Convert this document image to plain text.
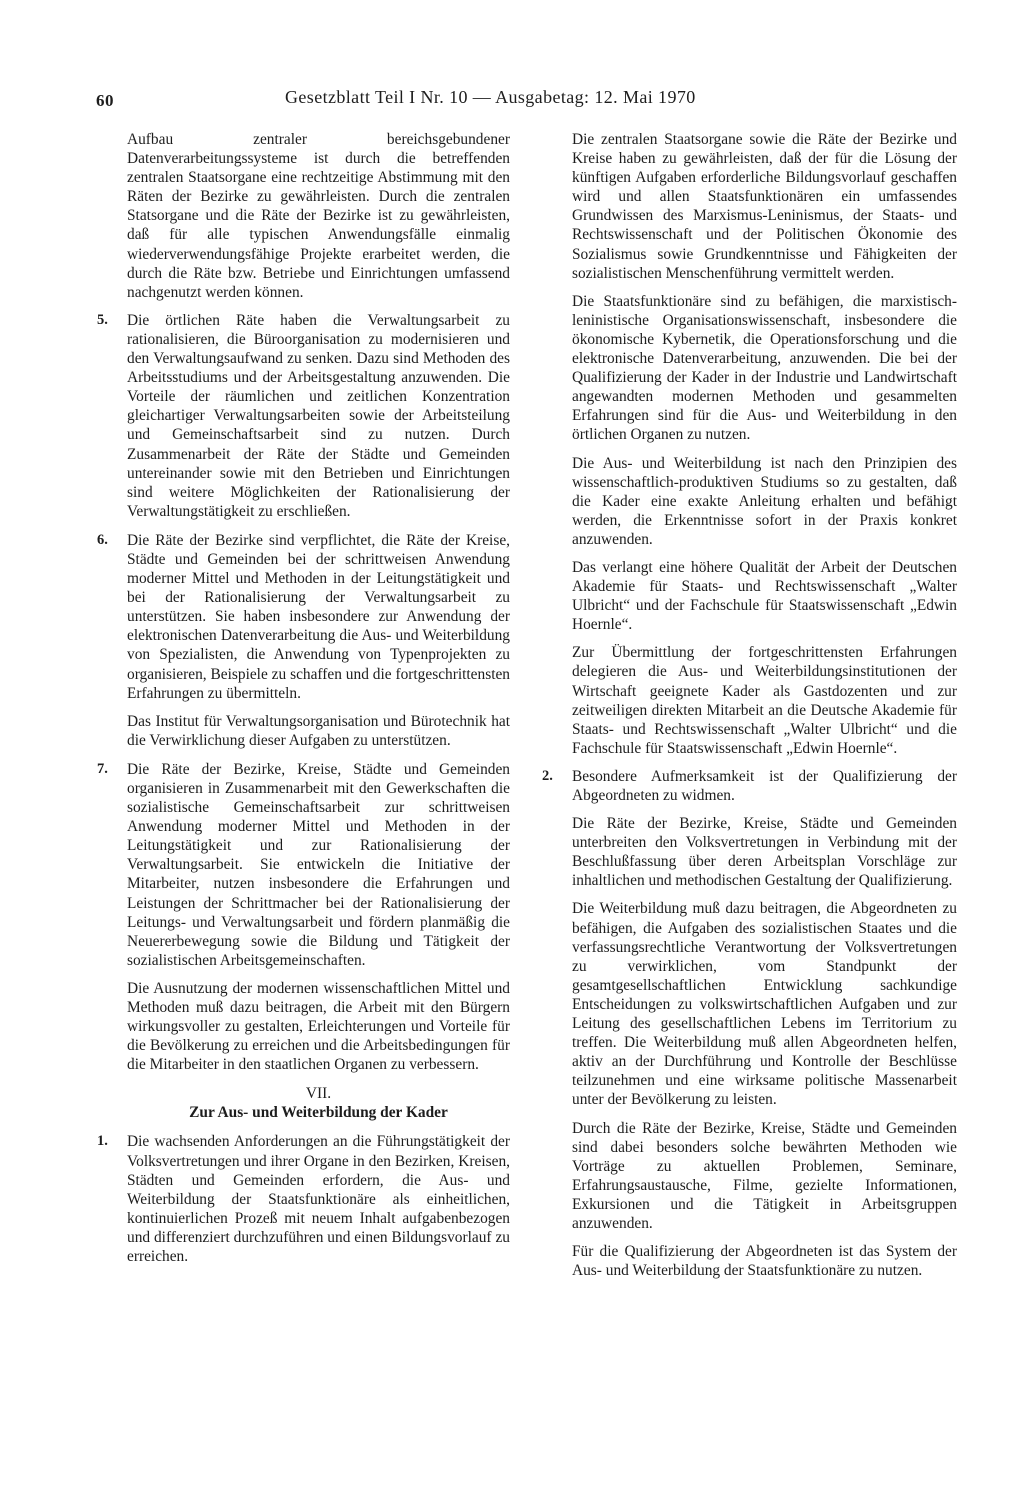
60	Gesetzblatt Teil I Nr. 10 — Ausgabetag: 12. Mai 1970

Aufbau zentraler bereichsgebundener Datenverarbeitungssysteme ist durch die betreffenden zentralen Staatsorgane eine rechtzeitige Abstimmung mit den Räten der Bezirke zu gewährleisten. Durch die zentralen Statsorgane und die Räte der Bezirke ist zu gewährleisten, daß für alle typischen Anwendungsfälle einmalig wiederverwendungsfähige Projekte erarbeitet werden, die durch die Räte bzw. Betriebe und Einrichtungen umfassend nachgenutzt werden können.

5. Die örtlichen Räte haben die Verwaltungsarbeit zu rationalisieren, die Büroorganisation zu modernisieren und den Verwaltungsaufwand zu senken. Dazu sind Methoden des Arbeitsstudiums und der Arbeitsgestaltung anzuwenden. Die Vorteile der räumlichen und zeitlichen Konzentration gleichartiger Verwaltungsarbeiten sowie der Arbeitsteilung und Gemeinschaftsarbeit sind zu nutzen. Durch Zusammenarbeit der Räte der Städte und Gemeinden untereinander sowie mit den Betrieben und Einrichtungen sind weitere Möglichkeiten der Rationalisierung der Verwaltungstätigkeit zu erschließen.

6. Die Räte der Bezirke sind verpflichtet, die Räte der Kreise, Städte und Gemeinden bei der schrittweisen Anwendung moderner Mittel und Methoden in der Leitungstätigkeit und bei der Rationalisierung der Verwaltungsarbeit zu unterstützen. Sie haben insbesondere zur Anwendung der elektronischen Datenverarbeitung die Aus- und Weiterbildung von Spezialisten, die Anwendung von Typenprojekten zu organisieren, Beispiele zu schaffen und die fortgeschrittensten Erfahrungen zu übermitteln.

Das Institut für Verwaltungsorganisation und Bürotechnik hat die Verwirklichung dieser Aufgaben zu unterstützen.

7. Die Räte der Bezirke, Kreise, Städte und Gemeinden organisieren in Zusammenarbeit mit den Gewerkschaften die sozialistische Gemeinschaftsarbeit zur schrittweisen Anwendung moderner Mittel und Methoden in der Leitungstätigkeit und zur Rationalisierung der Verwaltungsarbeit. Sie entwickeln die Initiative der Mitarbeiter, nutzen insbesondere die Erfahrungen und Leistungen der Schrittmacher bei der Rationalisierung der Leitungs- und Verwaltungsarbeit und fördern planmäßig die Neuererbewegung sowie die Bildung und Tätigkeit der sozialistischen Arbeitsgemeinschaften.

Die Ausnutzung der modernen wissenschaftlichen Mittel und Methoden muß dazu beitragen, die Arbeit mit den Bürgern wirkungsvoller zu gestalten, Erleichterungen und Vorteile für die Bevölkerung zu erreichen und die Arbeitsbedingungen für die Mitarbeiter in den staatlichen Organen zu verbessern.

VII.
Zur Aus- und Weiterbildung der Kader
1. Die wachsenden Anforderungen an die Führungstätigkeit der Volksvertretungen und ihrer Organe in den Bezirken, Kreisen, Städten und Gemeinden erfordern, die Aus- und Weiterbildung der Staatsfunktionäre als einheitlichen, kontinuierlichen Prozeß mit neuem Inhalt aufgabenbezogen und differenziert durchzuführen und einen Bildungsvorlauf zu erreichen.

Die zentralen Staatsorgane sowie die Räte der Bezirke und Kreise haben zu gewährleisten, daß der für die Lösung der künftigen Aufgaben erforderliche Bildungsvorlauf geschaffen wird und allen Staatsfunktionären ein umfassendes Grundwissen des Marxismus-Leninismus, der Staats- und Rechtswissenschaft und der Politischen Ökonomie des Sozialismus sowie Grundkenntnisse und Fähigkeiten der sozialistischen Menschenführung vermittelt werden.

Die Staatsfunktionäre sind zu befähigen, die marxistisch-leninistische Organisationswissenschaft, insbesondere die ökonomische Kybernetik, die Operationsforschung und die elektronische Datenverarbeitung, anzuwenden. Die bei der Qualifizierung der Kader in der Industrie und Landwirtschaft angewandten modernen Methoden und gesammelten Erfahrungen sind für die Aus- und Weiterbildung in den örtlichen Organen zu nutzen.

Die Aus- und Weiterbildung ist nach den Prinzipien des wissenschaftlich-produktiven Studiums so zu gestalten, daß die Kader eine exakte Anleitung erhalten und befähigt werden, die Erkenntnisse sofort in der Praxis konkret anzuwenden.

Das verlangt eine höhere Qualität der Arbeit der Deutschen Akademie für Staats- und Rechtswissenschaft „Walter Ulbricht“ und der Fachschule für Staatswissenschaft „Edwin Hoernle“.

Zur Übermittlung der fortgeschrittensten Erfahrungen delegieren die Aus- und Weiterbildungsinstitutionen der Wirtschaft geeignete Kader als Gastdozenten und zur zeitweiligen direkten Mitarbeit an die Deutsche Akademie für Staats- und Rechtswissenschaft „Walter Ulbricht“ und die Fachschule für Staatswissenschaft „Edwin Hoernle“.

2. Besondere Aufmerksamkeit ist der Qualifizierung der Abgeordneten zu widmen.

Die Räte der Bezirke, Kreise, Städte und Gemeinden unterbreiten den Volksvertretungen in Verbindung mit der Beschlußfassung über deren Arbeitsplan Vorschläge zur inhaltlichen und methodischen Gestaltung der Qualifizierung.

Die Weiterbildung muß dazu beitragen, die Abgeordneten zu befähigen, die Aufgaben des sozialistischen Staates und die verfassungsrechtliche Verantwortung der Volksvertretungen zu verwirklichen, vom Standpunkt der gesamtgesellschaftlichen Entwicklung sachkundige Entscheidungen zu volkswirtschaftlichen Aufgaben und zur Leitung des gesellschaftlichen Lebens im Territorium zu treffen. Die Weiterbildung muß allen Abgeordneten helfen, aktiv an der Durchführung und Kontrolle der Beschlüsse teilzunehmen und eine wirksame politische Massenarbeit unter der Bevölkerung zu leisten.

Durch die Räte der Bezirke, Kreise, Städte und Gemeinden sind dabei besonders solche bewährten Methoden wie Vorträge zu aktuellen Problemen, Seminare, Erfahrungsaustausche, Filme, gezielte Informationen, Exkursionen und die Tätigkeit in Arbeitsgruppen anzuwenden.

Für die Qualifizierung der Abgeordneten ist das System der Aus- und Weiterbildung der Staatsfunktionäre zu nutzen.
